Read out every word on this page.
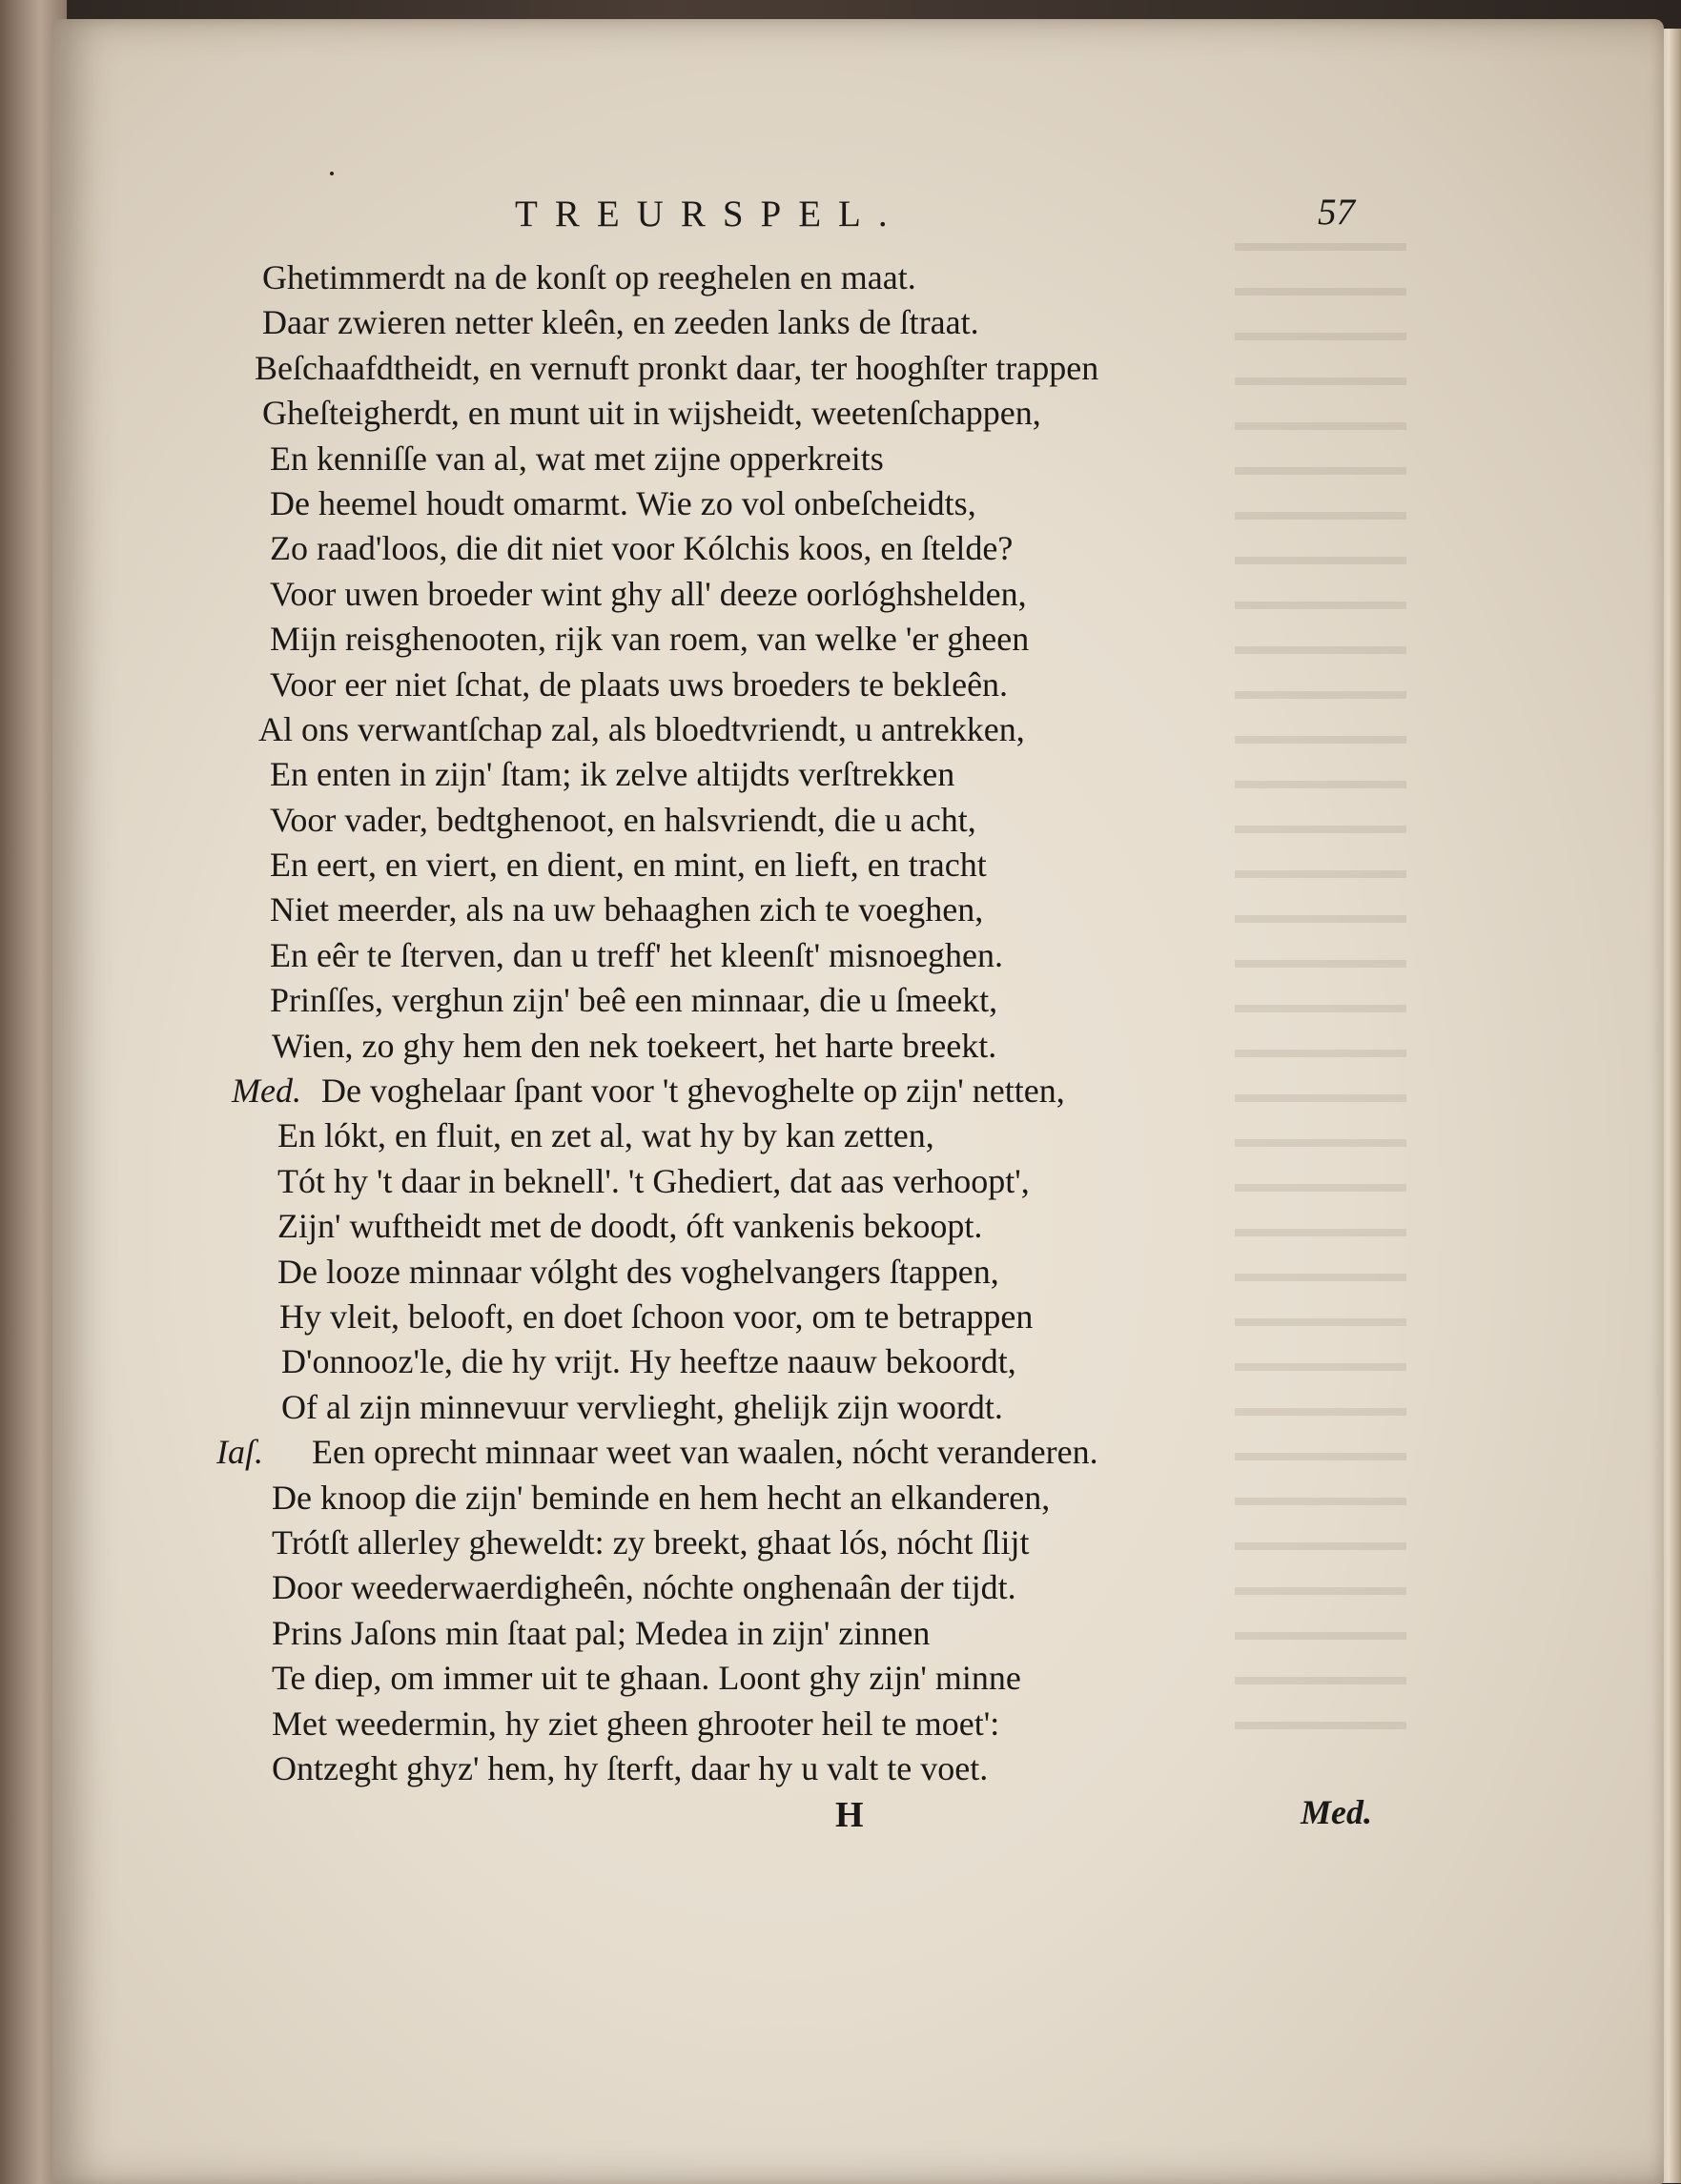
TREURSPEL.	57
Ghetimmerdt na de konſt op reeghelen en maat.
Daar zwieren netter kleên, en zeeden lanks de ſtraat.
Beſchaafdtheidt, en vernuft pronkt daar, ter hooghſter trappen
Gheſteigherdt, en munt uit in wijsheidt, weetenſchappen,
En kenniſſe van al, wat met zijne opperkreits
De heemel houdt omarmt. Wie zo vol onbeſcheidts,
Zo raad'loos, die dit niet voor Kólchis koos, en ſtelde?
Voor uwen broeder wint ghy all' deeze oorlóghshelden,
Mijn reisghenooten, rijk van roem, van welke 'er gheen
Voor eer niet ſchat, de plaats uws broeders te bekleên.
Al ons verwantſchap zal, als bloedtvriendt, u antrekken,
En enten in zijn' ſtam; ik zelve altijdts verſtrekken
Voor vader, bedtghenoot, en halsvriendt, die u acht,
En eert, en viert, en dient, en mint, en lieft, en tracht
Niet meerder, als na uw behaaghen zich te voeghen,
En eêr te ſterven, dan u treff' het kleenſt' misnoeghen.
Prinſſes, verghun zijn' beê een minnaar, die u ſmeekt,
Wien, zo ghy hem den nek toekeert, het harte breekt.
Med. De voghelaar ſpant voor 't ghevoghelte op zijn' netten,
En lókt, en fluit, en zet al, wat hy by kan zetten,
Tót hy 't daar in beknell'. 't Ghediert, dat aas verhoopt',
Zijn' wuftheidt met de doodt, óft vankenis bekoopt.
De looze minnaar vólght des voghelvangers ſtappen,
Hy vleit, belooft, en doet ſchoon voor, om te betrappen
D'onnooz'le, die hy vrijt. Hy heeftze naauw bekoordt,
Of al zijn minnevuur vervlieght, ghelijk zijn woordt.
Iaſ. Een oprecht minnaar weet van waalen, nócht veranderen.
De knoop die zijn' beminde en hem hecht an elkanderen,
Trótſt allerley gheweldt: zy breekt, ghaat lós, nócht ſlijt
Door weederwaerdigheên, nóchte onghenaân der tijdt.
Prins Jaſons min ſtaat pal; Medea in zijn' zinnen
Te diep, om immer uit te ghaan. Loont ghy zijn' minne
Met weedermin, hy ziet gheen ghrooter heil te moet':
Ontzeght ghyz' hem, hy ſterft, daar hy u valt te voet.
H	Med.
